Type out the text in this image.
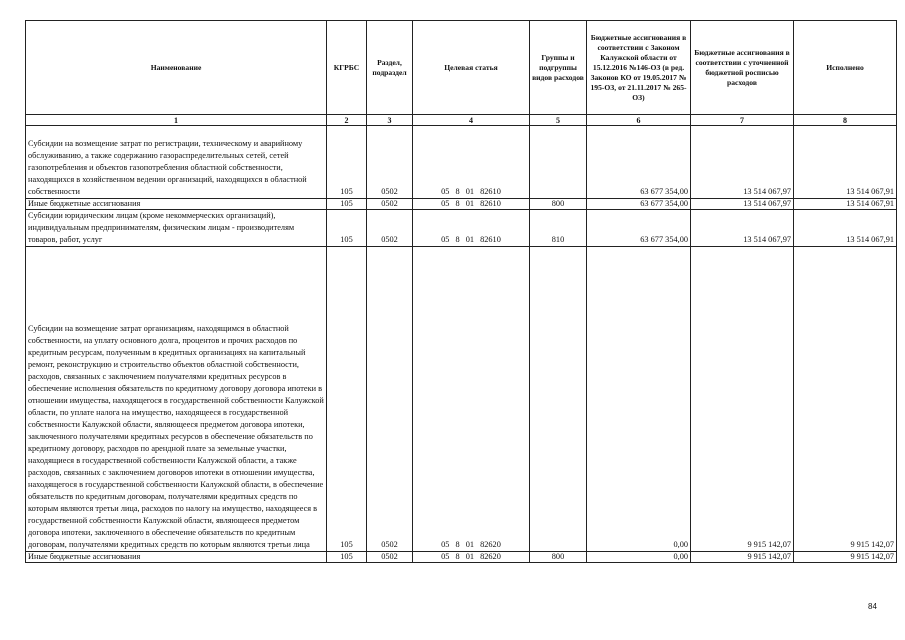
Наименование	КГРБС	Раздел, подраздел	Целевая статья	Группы и подгруппы видов расходов	Бюджетные ассигнования в соответствии с Законом Калужской области от 15.12.2016 №146-ОЗ (в ред. Законов КО от 19.05.2017 № 195-ОЗ, от 21.11.2017 № 265-ОЗ)	Бюджетные ассигнования в соответствии с уточненной бюджетной росписью расходов	Исполнено
1	2	3	4	5	6	7	8
Субсидии на возмещение затрат по регистрации, техническому и аварийному обслуживанию, а также содержанию газораспределительных сетей, сетей газопотребления и объектов газопотребления областной собственности, находящихся в хозяйственном ведении организаций, находящихся в областной собственности	105	0502	05 8 01 82610		63 677 354,00	13 514 067,97	13 514 067,91
Иные бюджетные ассигнования	105	0502	05 8 01 82610	800	63 677 354,00	13 514 067,97	13 514 067,91
Субсидии юридическим лицам (кроме некоммерческих организаций), индивидуальным предпринимателям, физическим лицам - производителям товаров, работ, услуг	105	0502	05 8 01 82610	810	63 677 354,00	13 514 067,97	13 514 067,91
Субсидии на возмещение затрат организациям, находящимся в областной собственности, на уплату основного долга, процентов и прочих расходов по кредитным ресурсам, полученным в кредитных организациях на капитальный ремонт, реконструкцию и строительство объектов областной собственности, расходов, связанных с заключением получателями кредитных ресурсов в обеспечение исполнения обязательств по кредитному договору договора ипотеки в отношении имущества, находящегося в государственной собственности Калужской области, по уплате налога на имущество, находящееся в государственной собственности Калужской области, являющееся предметом договора ипотеки, заключенного получателями кредитных ресурсов в обеспечение обязательств по кредитному договору, расходов по арендной плате за земельные участки, находящиеся в государственной собственности Калужской области, а также расходов, связанных с заключением договоров ипотеки в отношении имущества, находящегося в государственной собственности Калужской области, в обеспечение обязательств по кредитным договорам, получателями кредитных средств по которым являются третьи лица, расходов по налогу на имущество, находящееся в государственной собственности Калужской области, являющееся предметом договора ипотеки, заключенного в обеспечение обязательств по кредитным договорам, получателями кредитных средств по которым являются третьи лица	105	0502	05 8 01 82620		0,00	9 915 142,07	9 915 142,07
Иные бюджетные ассигнования	105	0502	05 8 01 82620	800	0,00	9 915 142,07	9 915 142,07
84
